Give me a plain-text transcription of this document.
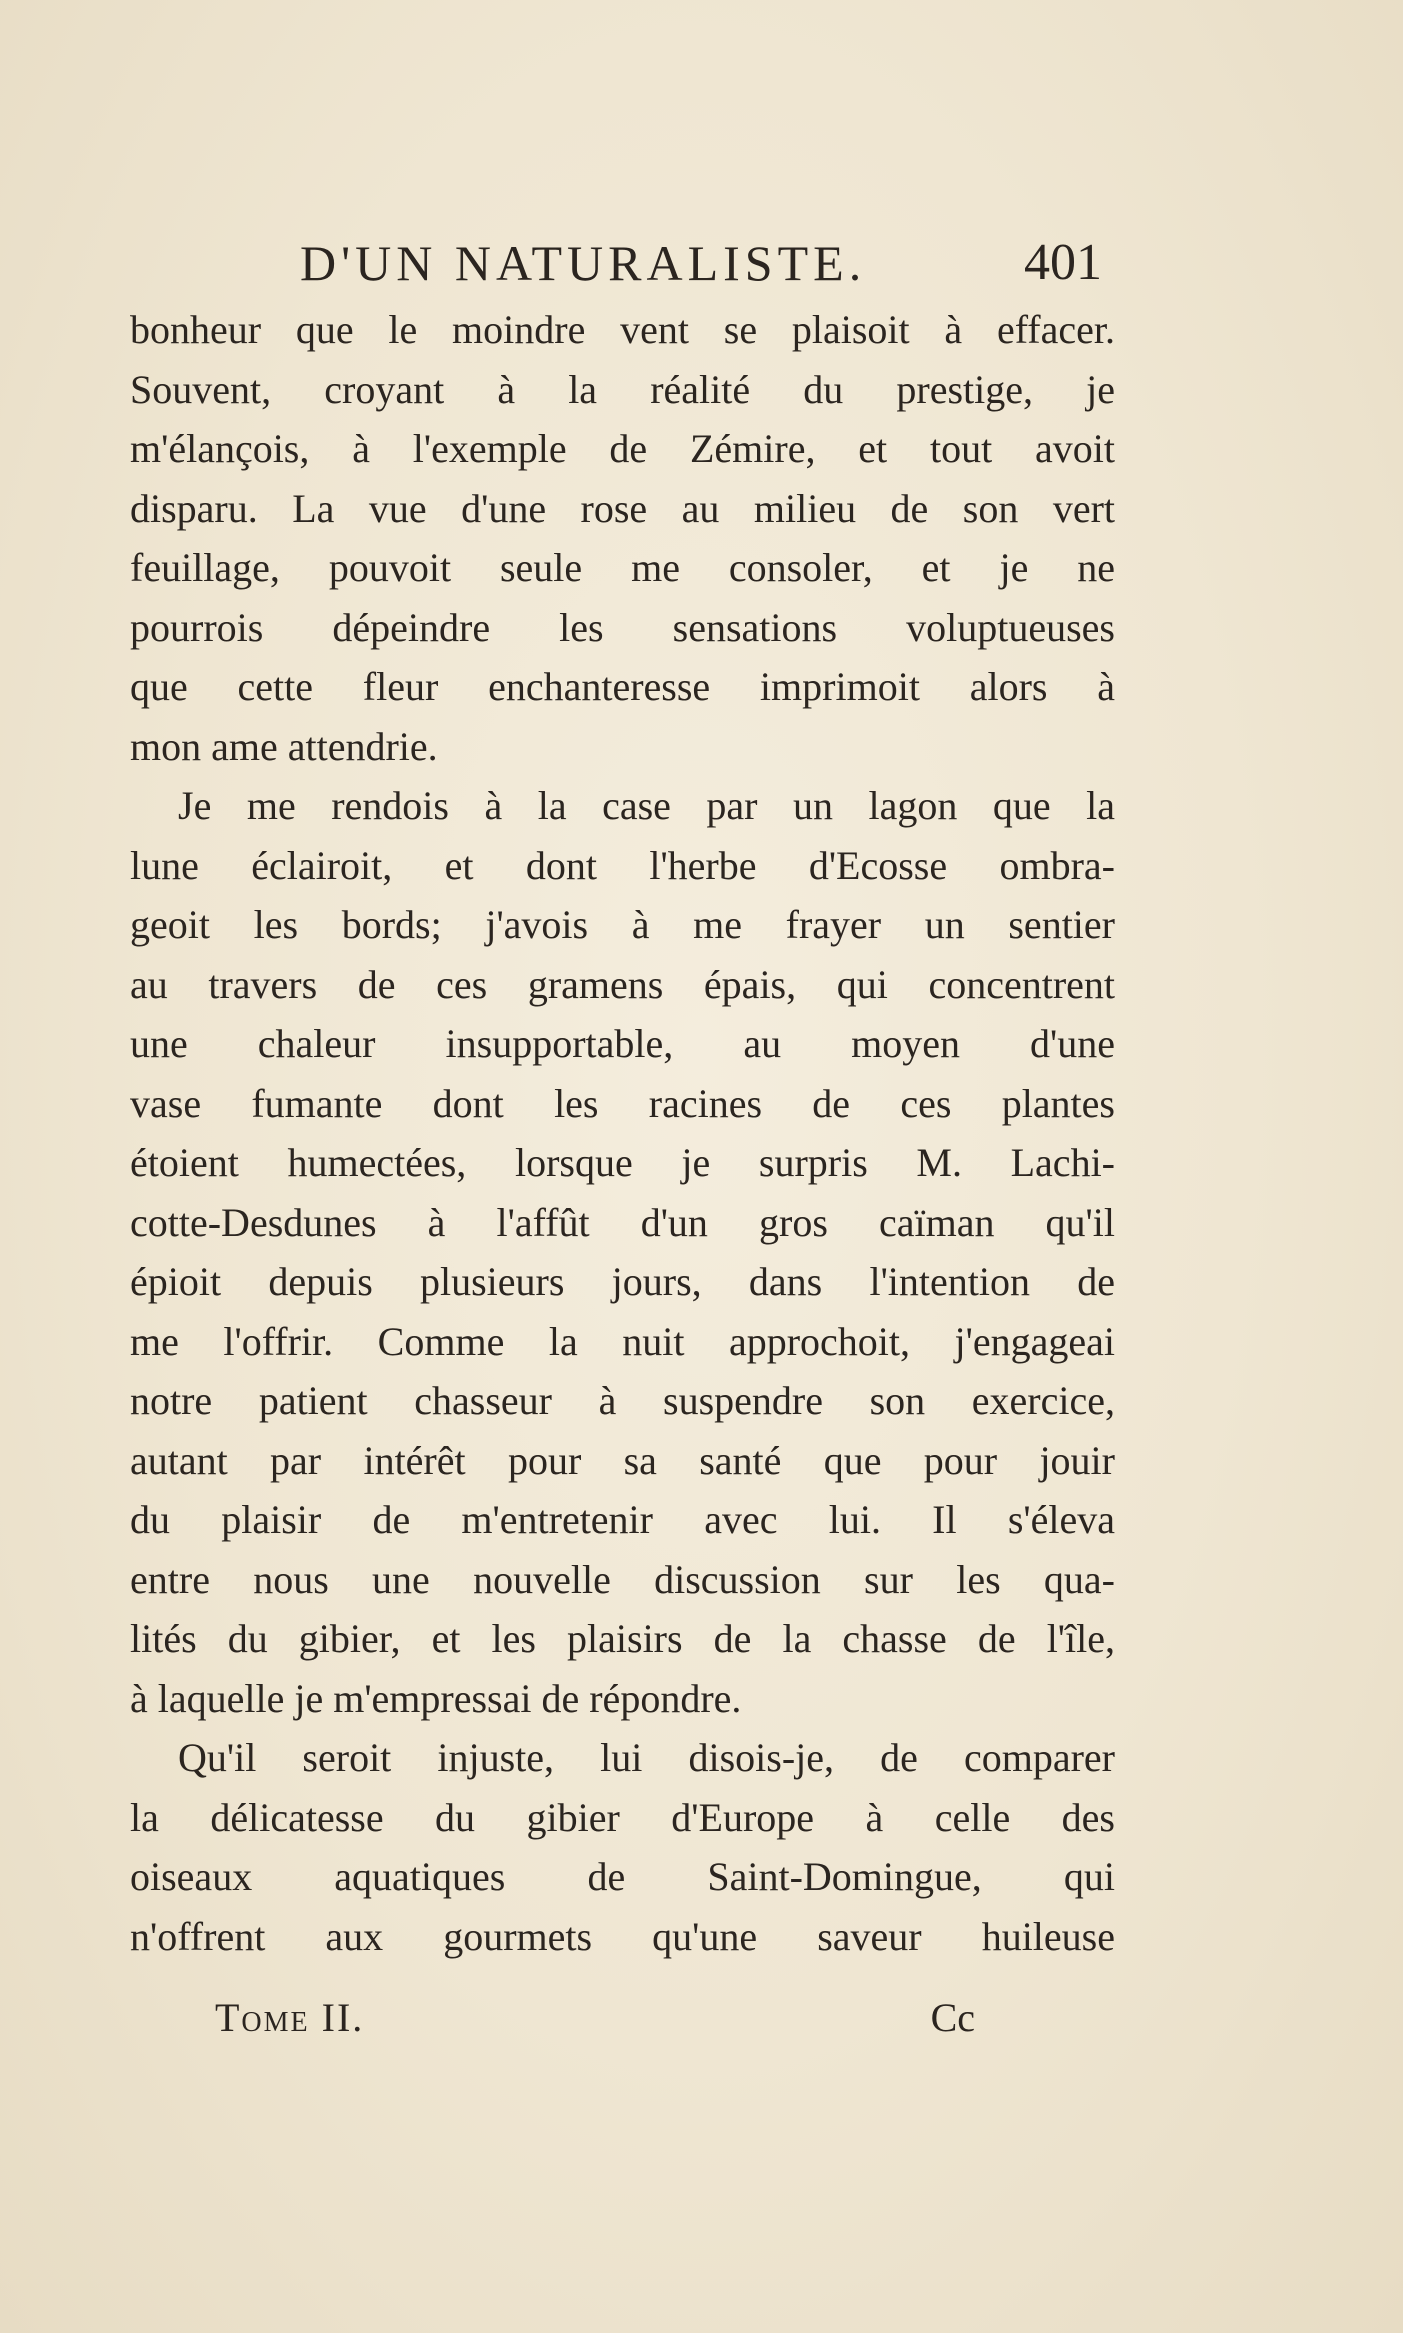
D'UN NATURALISTE.	401
bonheur que le moindre vent se plaisoit à effacer.
Souvent, croyant à la réalité du prestige, je
m'élançois, à l'exemple de Zémire, et tout avoit
disparu. La vue d'une rose au milieu de son vert
feuillage, pouvoit seule me consoler, et je ne
pourrois dépeindre les sensations voluptueuses
que cette fleur enchanteresse imprimoit alors à
mon ame attendrie.
Je me rendois à la case par un lagon que la
lune éclairoit, et dont l'herbe d'Ecosse ombra-
geoit les bords; j'avois à me frayer un sentier
au travers de ces gramens épais, qui concentrent
une chaleur insupportable, au moyen d'une
vase fumante dont les racines de ces plantes
étoient humectées, lorsque je surpris M. Lachi-
cotte-Desdunes à l'affût d'un gros caïman qu'il
épioit depuis plusieurs jours, dans l'intention de
me l'offrir. Comme la nuit approchoit, j'engageai
notre patient chasseur à suspendre son exercice,
autant par intérêt pour sa santé que pour jouir
du plaisir de m'entretenir avec lui. Il s'éleva
entre nous une nouvelle discussion sur les qua-
lités du gibier, et les plaisirs de la chasse de l'île,
à laquelle je m'empressai de répondre.
Qu'il seroit injuste, lui disois-je, de comparer
la délicatesse du gibier d'Europe à celle des
oiseaux aquatiques de Saint-Domingue, qui
n'offrent aux gourmets qu'une saveur huileuse
Tome II.	Cc
